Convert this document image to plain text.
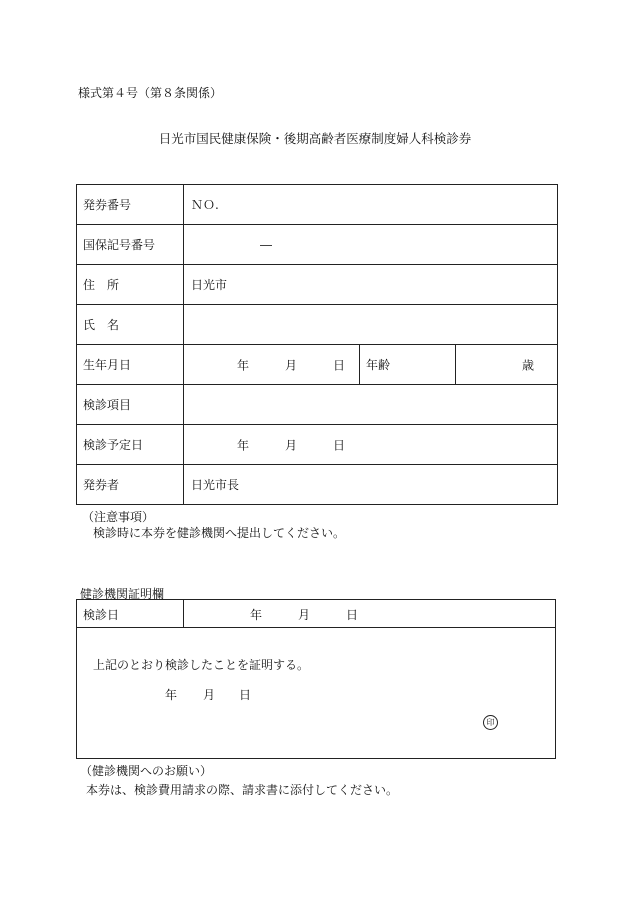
様式第４号（第８条関係）
日光市国民健康保険・後期高齢者医療制度婦人科検診券
発券番号	ＮＯ.		
国保記号番号	―		

住　所	日光市		
氏　名			
生年月日	年 月 日	年齢	歳

検診項目			
検診予定日	年 月 日		

発券者	日光市長		
（注意事項）
検診時に本券を健診機関へ提出してください。
健診機関証明欄
検診日	年	月	日
上記のとおり検診したことを証明する。
年 月 日
印
（健診機関へのお願い）
本券は、検診費用請求の際、請求書に添付してください。
